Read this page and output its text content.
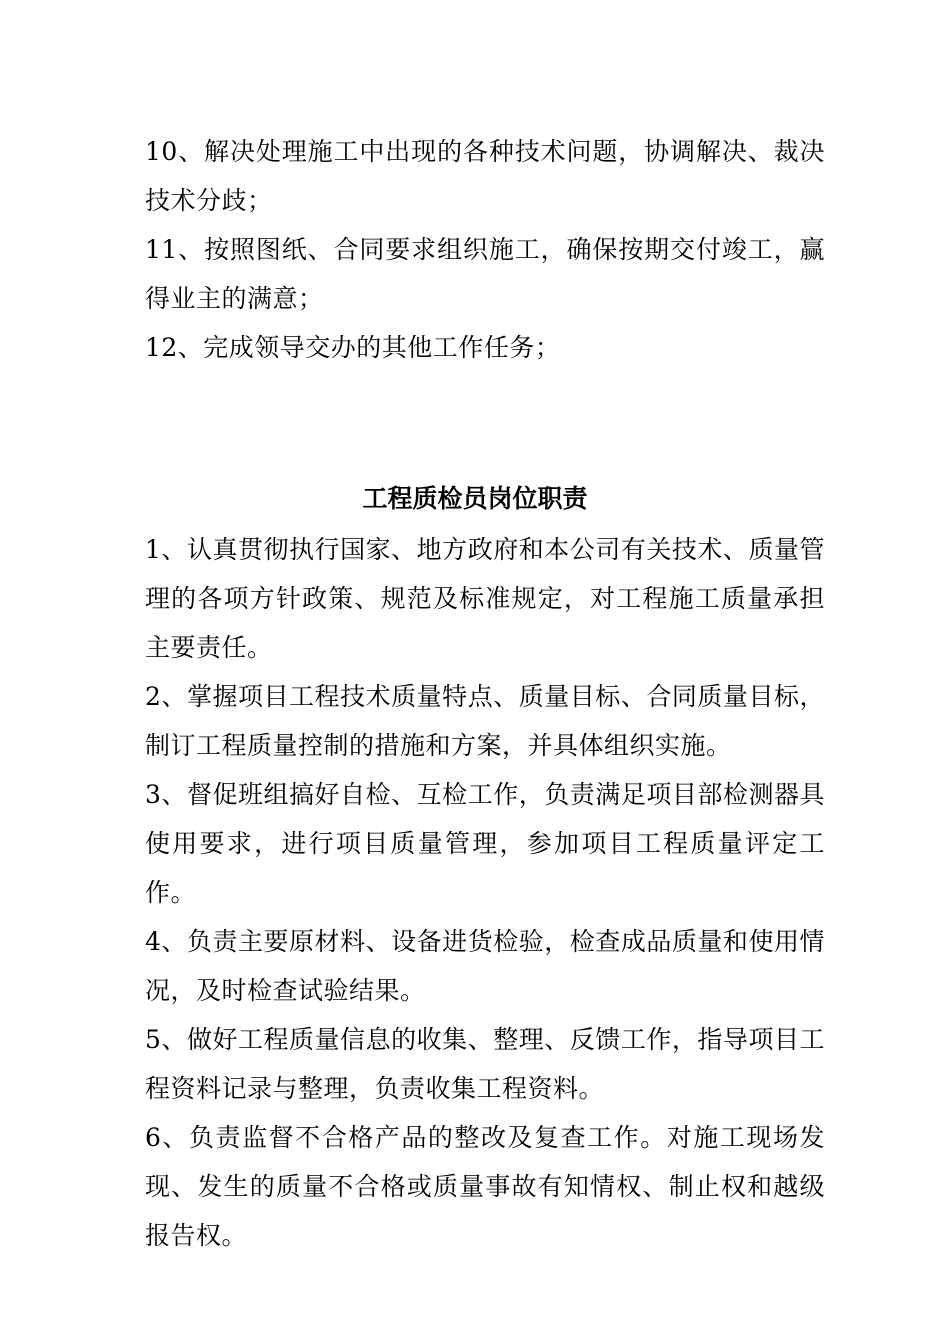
10、解决处理施工中出现的各种技术问题，协调解决、裁决技术分歧；

11、按照图纸、合同要求组织施工，确保按期交付竣工，赢得业主的满意；

12、完成领导交办的其他工作任务；

工程质检员岗位职责

1、认真贯彻执行国家、地方政府和本公司有关技术、质量管理的各项方针政策、规范及标准规定，对工程施工质量承担主要责任。

2、掌握项目工程技术质量特点、质量目标、合同质量目标，制订工程质量控制的措施和方案，并具体组织实施。

3、督促班组搞好自检、互检工作，负责满足项目部检测器具使用要求，进行项目质量管理，参加项目工程质量评定工作。

4、负责主要原材料、设备进货检验，检查成品质量和使用情况，及时检查试验结果。

5、做好工程质量信息的收集、整理、反馈工作，指导项目工程资料记录与整理，负责收集工程资料。

6、负责监督不合格产品的整改及复查工作。对施工现场发现、发生的质量不合格或质量事故有知情权、制止权和越级报告权。
